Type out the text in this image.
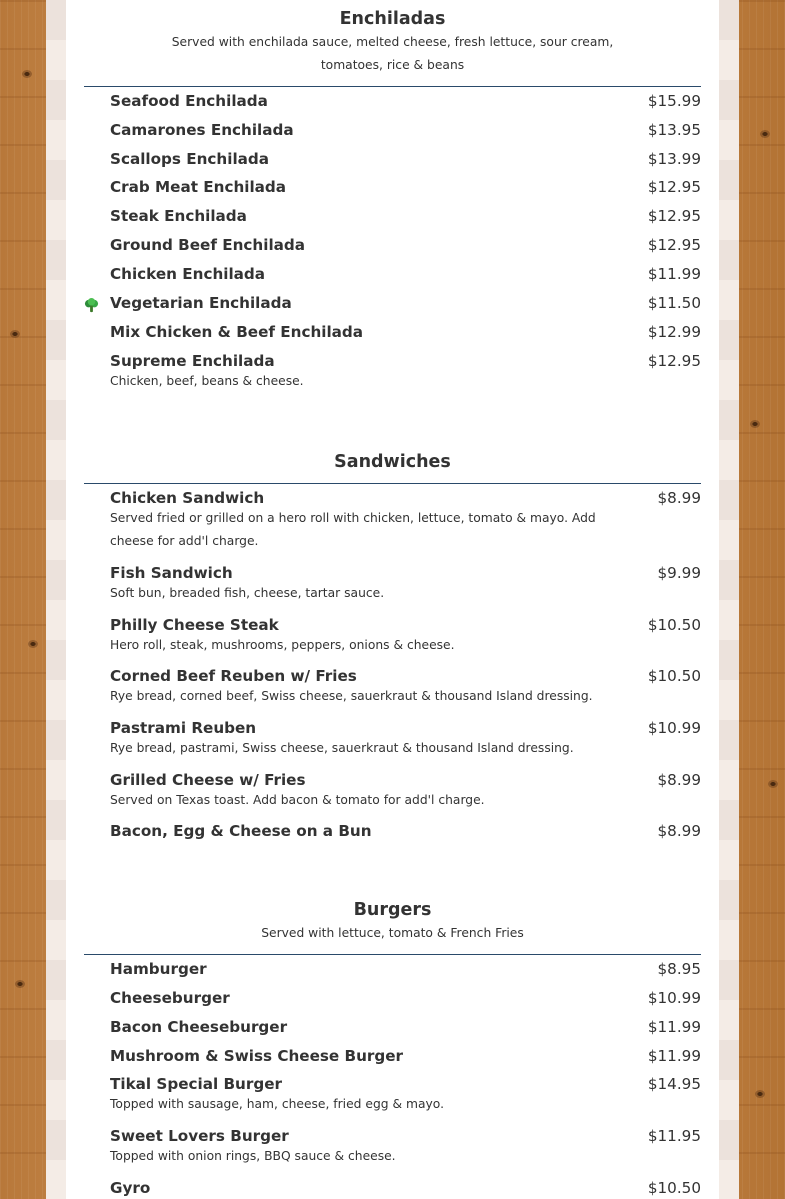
Enchiladas
Served with enchilada sauce, melted cheese, fresh lettuce, sour cream,
tomatoes, rice & beans
Seafood Enchilada	$15.99
Camarones Enchilada	$13.95
Scallops Enchilada	$13.99
Crab Meat Enchilada	$12.95
Steak Enchilada	$12.95
Ground Beef Enchilada	$12.95
Chicken Enchilada	$11.99
Vegetarian Enchilada	$11.50
Mix Chicken & Beef Enchilada	$12.99
Supreme Enchilada	$12.95
Chicken, beef, beans & cheese.
Sandwiches
Chicken Sandwich	$8.99
Served fried or grilled on a hero roll with chicken, lettuce, tomato & mayo. Add cheese for add'l charge.
Fish Sandwich	$9.99
Soft bun, breaded fish, cheese, tartar sauce.
Philly Cheese Steak	$10.50
Hero roll, steak, mushrooms, peppers, onions & cheese.
Corned Beef Reuben w/ Fries	$10.50
Rye bread, corned beef, Swiss cheese, sauerkraut & thousand Island dressing.
Pastrami Reuben	$10.99
Rye bread, pastrami, Swiss cheese, sauerkraut & thousand Island dressing.
Grilled Cheese w/ Fries	$8.99
Served on Texas toast. Add bacon & tomato for add'l charge.
Bacon, Egg & Cheese on a Bun	$8.99
Burgers
Served with lettuce, tomato & French Fries
Hamburger	$8.95
Cheeseburger	$10.99
Bacon Cheeseburger	$11.99
Mushroom & Swiss Cheese Burger	$11.99
Tikal Special Burger	$14.95
Topped with sausage, ham, cheese, fried egg & mayo.
Sweet Lovers Burger	$11.95
Topped with onion rings, BBQ sauce & cheese.
Gyro	$10.50
